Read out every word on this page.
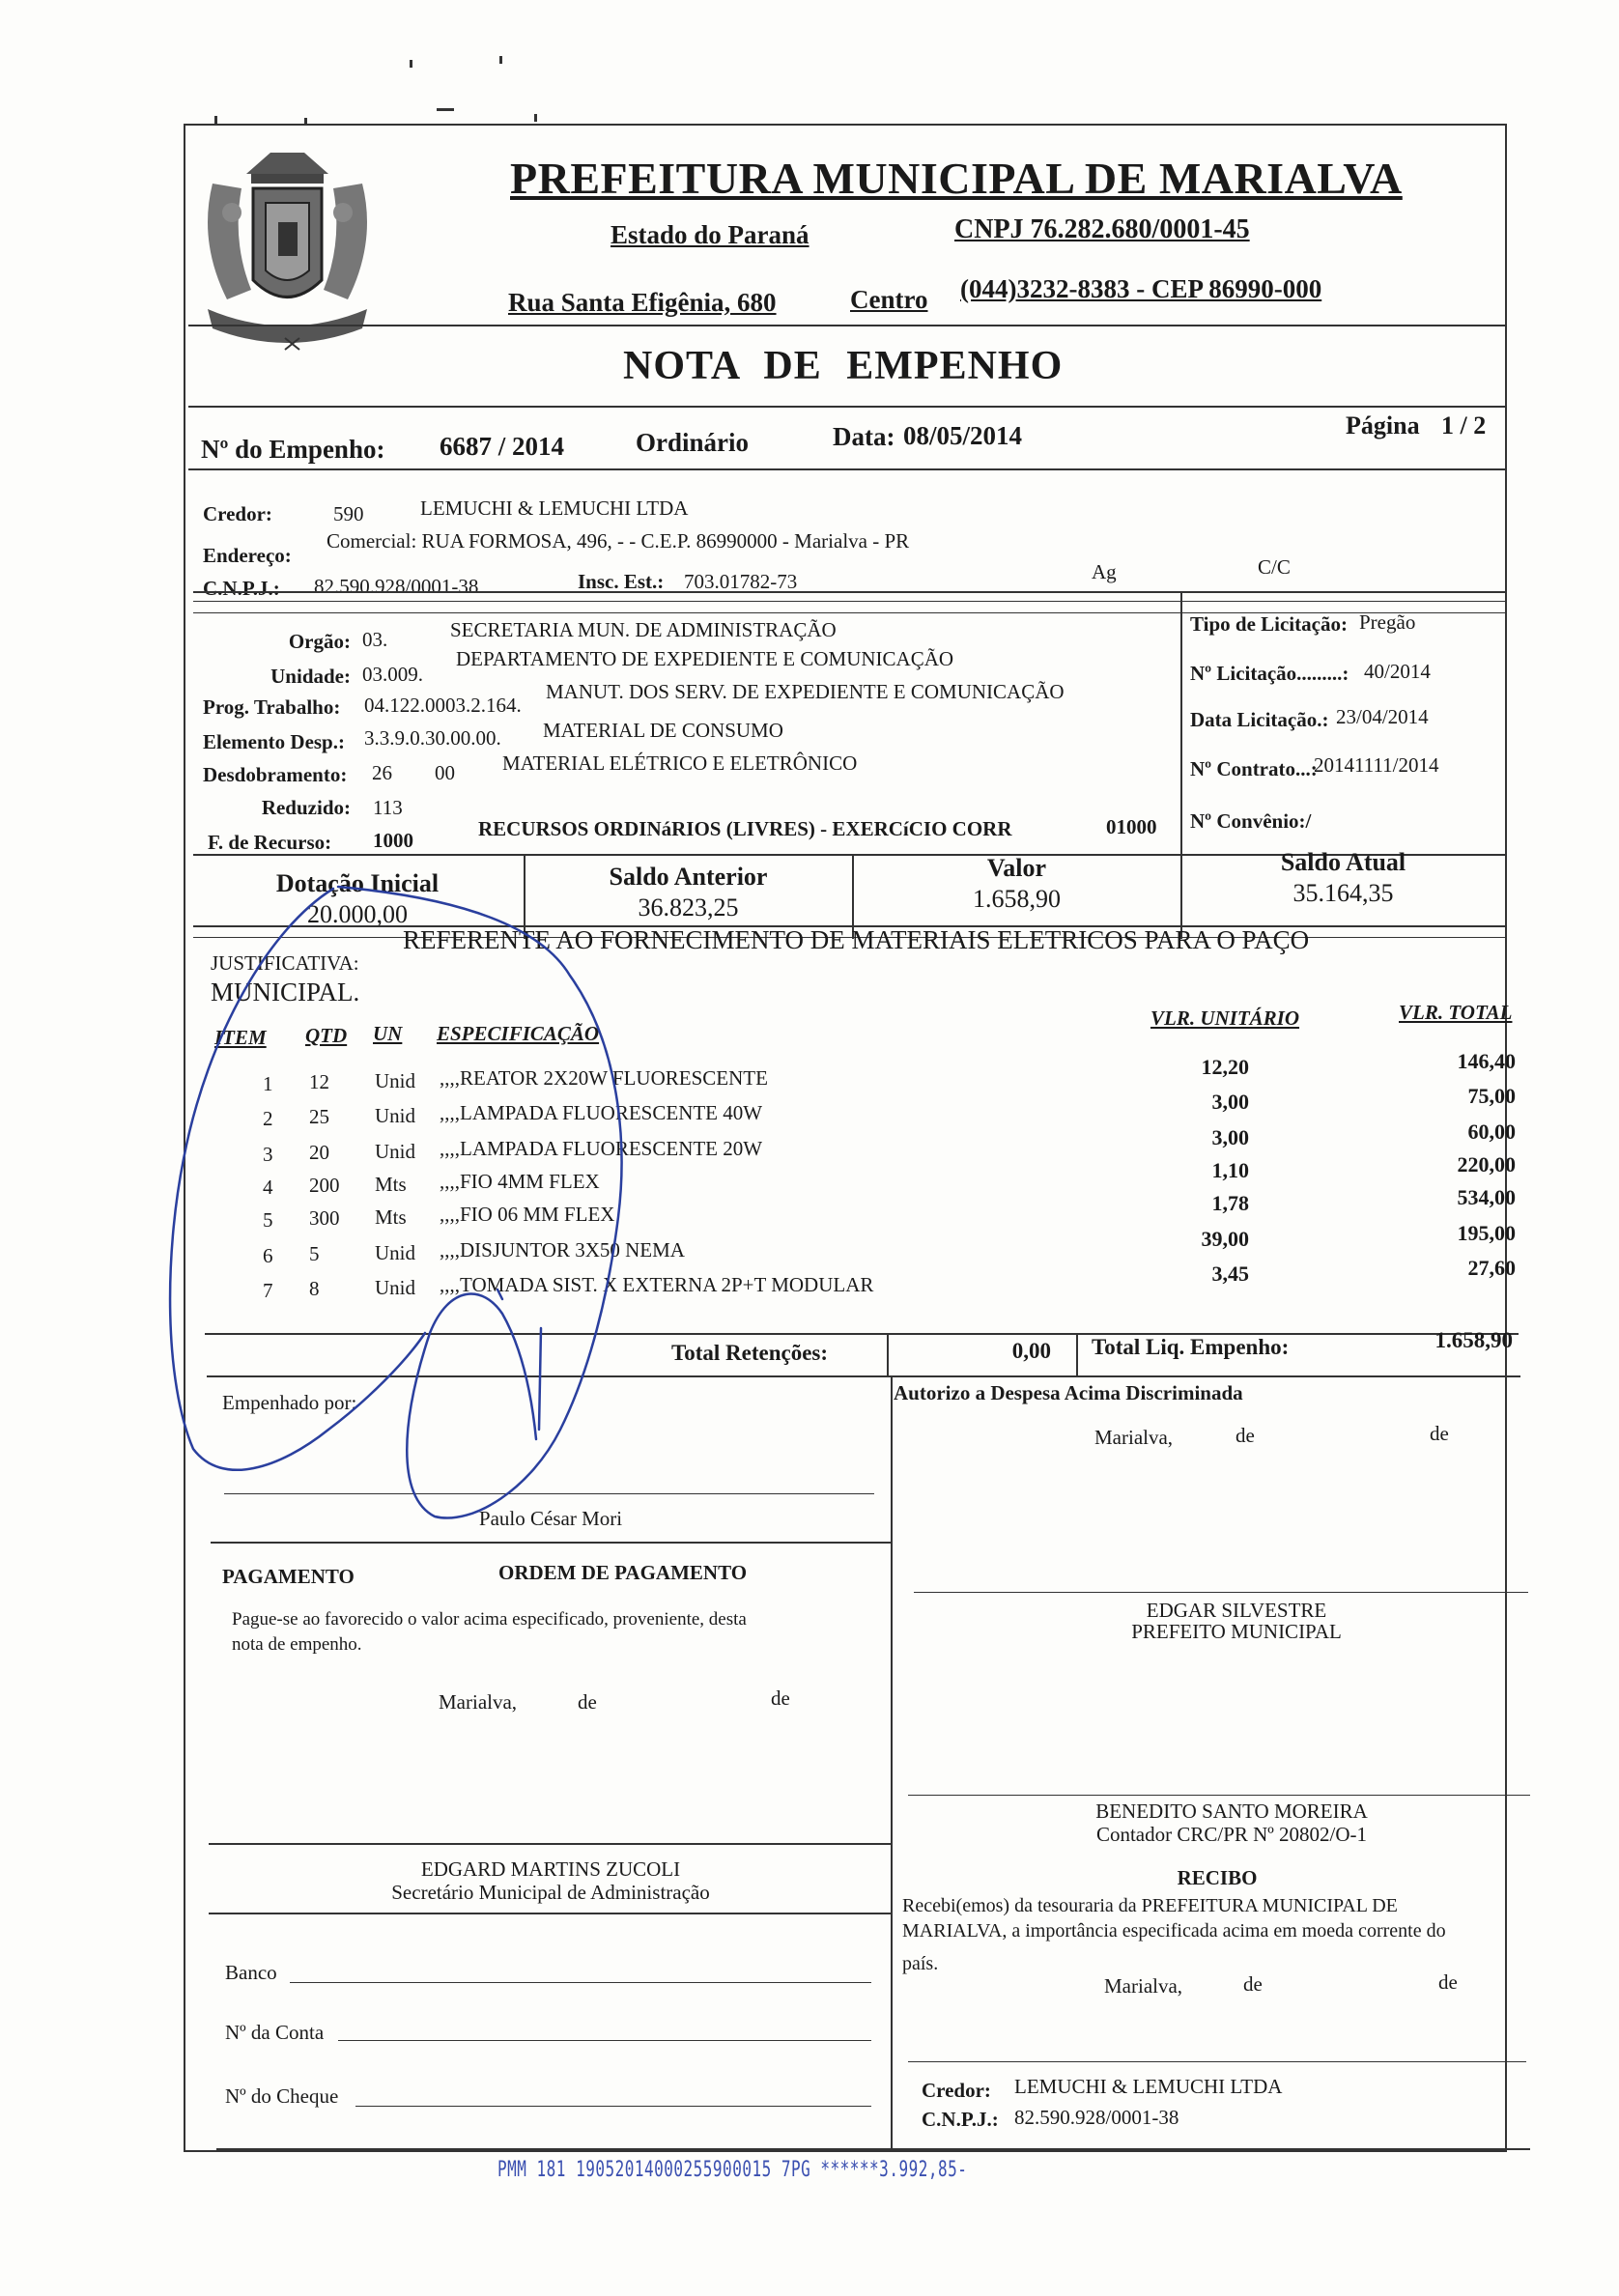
PREFEITURA MUNICIPAL DE MARIALVA
Estado do Paraná	CNPJ 76.282.680/0001-45
Rua Santa Efigênia, 680	Centro (044)3232-8383 - CEP 86990-000
NOTA DE EMPENHO
Nº do Empenho: 6687 / 2014	Ordinário	Data: 08/05/2014	Página 1 / 2
Credor:	590	LEMUCHI & LEMUCHI LTDA
Endereço:
Comercial: RUA FORMOSA, 496, - - C.E.P. 86990000 - Marialva - PR
C.N.P.J.: 82.590.928/0001-38	Insc. Est.: 703.01782-73	Ag	C/C
Orgão: 03.	SECRETARIA MUN. DE ADMINISTRAÇÃO
Unidade: 03.009.
DEPARTAMENTO DE EXPEDIENTE E COMUNICAÇÃO
Prog. Trabalho: 04.122.0003.2.164.
MANUT. DOS SERV. DE EXPEDIENTE E COMUNICAÇÃO
Elemento Desp.: 3.3.9.0.30.00.00. MATERIAL DE CONSUMO
Desdobramento: 26 00 MATERIAL ELÉTRICO E ELETRÔNICO
Reduzido: 113
F. de Recurso: 1000	RECURSOS ORDINáRIOS (LIVRES) - EXERCíCIO CORR	01000
Tipo de Licitação: Pregão
Nº Licitação.........: 40/2014
Data Licitação.: 23/04/2014
Nº Contrato...:
20141111/2014
Nº Convênio:/
Dotação Inicial
20.000,00
Saldo Anterior
36.823,25
Valor
1.658,90
Saldo Atual
35.164,35
JUSTIFICATIVA:
REFERENTE AO FORNECIMENTO DE MATERIAIS ELETRICOS PARA O PAÇO
MUNICIPAL.
ITEM QTD UN ESPECIFICAÇÃO
VLR. UNITÁRIO	VLR. TOTAL
1	12	Unid	,,,,REATOR 2X20W FLUORESCENTE	12,20	146,40
2	25	Unid	,,,,LAMPADA FLUORESCENTE 40W	3,00	75,00
3	20	Unid	,,,,LAMPADA FLUORESCENTE 20W	3,00	60,00
4	200	Mts	,,,,FIO 4MM FLEX	1,10	220,00
5	300	Mts	,,,,FIO 06 MM FLEX	1,78	534,00
6	5	Unid	,,,,DISJUNTOR 3X50 NEMA	39,00	195,00
7	8	Unid	,,,,TOMADA SIST. X EXTERNA 2P+T MODULAR	3,45	27,60
Total Retenções:	0,00 Total Liq. Empenho:	1.658,90
Empenhado por:
Paulo César Mori
Autorizo a Despesa Acima Discriminada
Marialva,	de	de
PAGAMENTO	ORDEM DE PAGAMENTO
Pague-se ao favorecido o valor acima especificado, proveniente, desta
nota de empenho.
Marialva,	de	de
EDGAR SILVESTRE
PREFEITO MUNICIPAL
BENEDITO SANTO MOREIRA
Contador CRC/PR Nº 20802/O-1
EDGARD MARTINS ZUCOLI
Secretário Municipal de Administração
RECIBO
Recebi(emos) da tesouraria da PREFEITURA MUNICIPAL DE
MARIALVA, a importância especificada acima em moeda corrente do
país.
Marialva,	de	de
Banco
Nº da Conta
Nº do Cheque	Credor: LEMUCHI & LEMUCHI LTDA
C.N.P.J.: 82.590.928/0001-38
PMM 181 19052014000255900015 7PG ******3.992,85-
